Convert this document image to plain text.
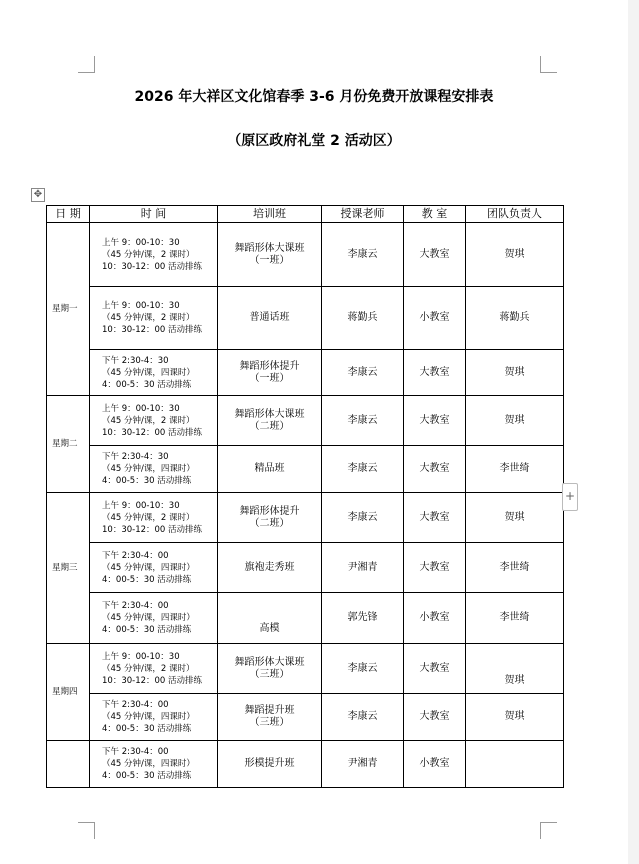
2026 年大祥区文化馆春季 3-6 月份免费开放课程安排表
（原区政府礼堂 2 活动区）
✥
日 期	时 间	培训班	授课老师	教 室	团队负责人
星期一	上午 9：00-10：30
（45 分钟/课，2 课时）
10：30-12：00 活动排练	舞蹈形体大课班
（一班）	李康云	大教室	贺琪
	上午 9：00-10：30
（45 分钟/课，2 课时）
10：30-12：00 活动排练	普通话班	蒋勤兵	小教室	蒋勤兵
	下午 2:30-4：30
（45 分钟/课，四课时）
4：00-5：30 活动排练	舞蹈形体提升
（一班）	李康云	大教室	贺琪
星期二	上午 9：00-10：30
（45 分钟/课，2 课时）
10：30-12：00 活动排练	舞蹈形体大课班
（二班）	李康云	大教室	贺琪
	下午 2:30-4：30
（45 分钟/课，四课时）
4：00-5：30 活动排练	精品班	李康云	大教室	李世绮
星期三	上午 9：00-10：30
（45 分钟/课，2 课时）
10：30-12：00 活动排练	舞蹈形体提升
（二班）	李康云	大教室	贺琪
	下午 2:30-4：00
（45 分钟/课，四课时）
4：00-5：30 活动排练	旗袍走秀班	尹湘青	大教室	李世绮
	下午 2:30-4：00
（45 分钟/课，四课时）
4：00-5：30 活动排练	高模	郭先锋	小教室	李世绮
星期四	上午 9：00-10：30
（45 分钟/课，2 课时）
10：30-12：00 活动排练	舞蹈形体大课班
（三班）	李康云	大教室	贺琪
	下午 2:30-4：00
（45 分钟/课，四课时）
4：00-5：30 活动排练	舞蹈提升班
（三班）	李康云	大教室	贺琪
	下午 2:30-4：00
（45 分钟/课，四课时）
4：00-5：30 活动排练	形模提升班	尹湘青	小教室	
+
